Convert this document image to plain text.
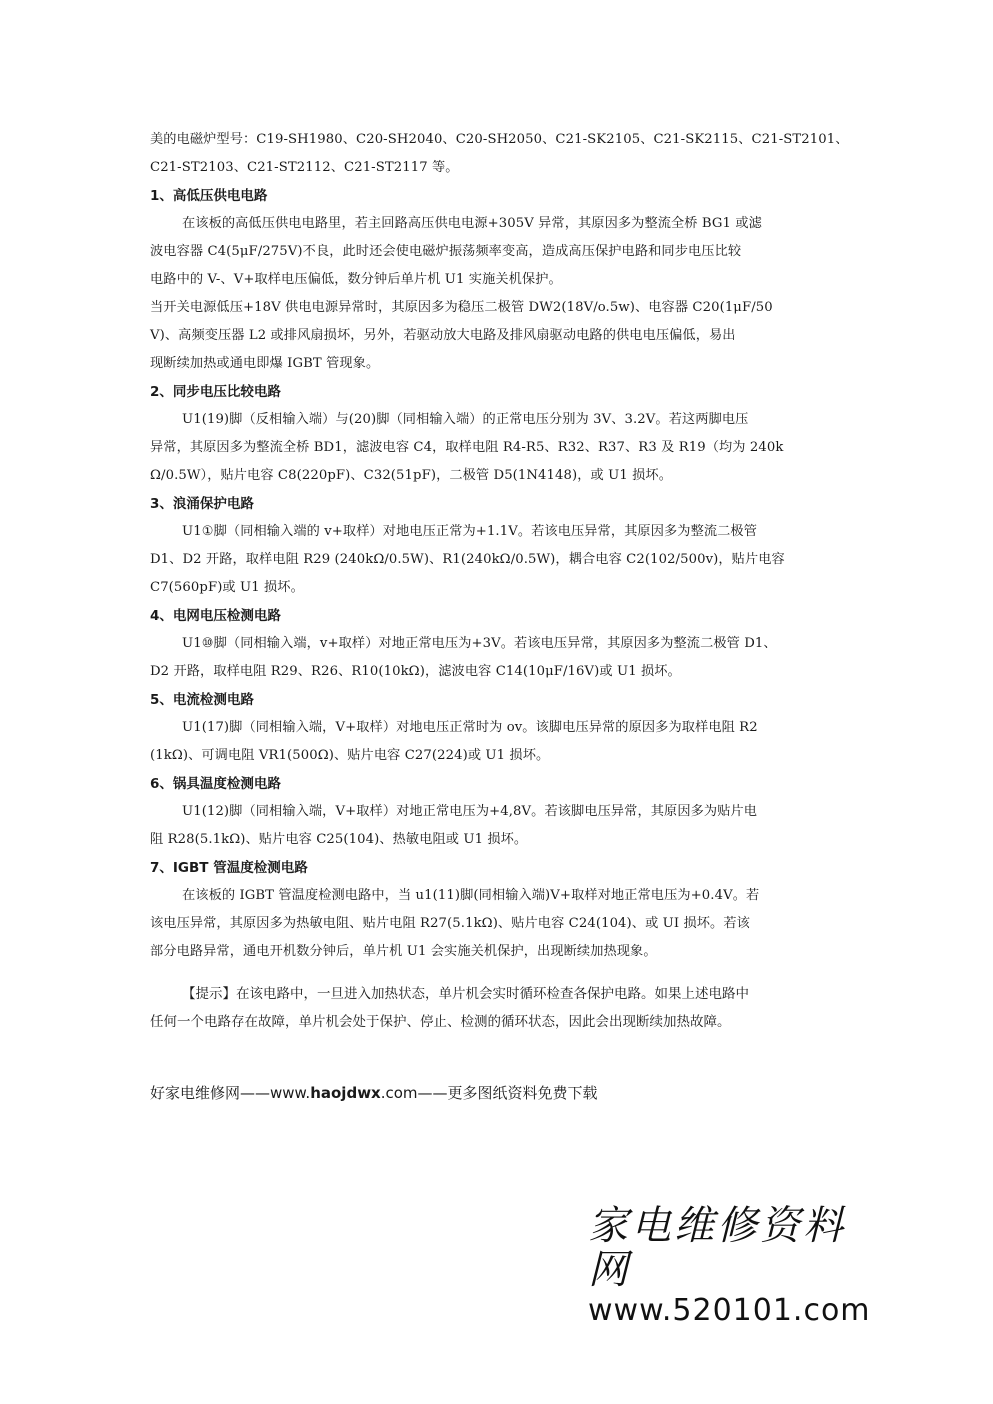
美的电磁炉型号：C19-SH1980、C20-SH2040、C20-SH2050、C21-SK2105、C21-SK2115、C21-ST2101、
C21-ST2103、C21-ST2112、C21-ST2117 等。
1、高低压供电电路
在该板的高低压供电电路里，若主回路高压供电电源+305V 异常，其原因多为整流全桥 BG1 或滤
波电容器 C4(5μF/275V)不良，此时还会使电磁炉振荡频率变高，造成高压保护电路和同步电压比较
电路中的 V-、V+取样电压偏低，数分钟后单片机 U1 实施关机保护。
当开关电源低压+18V 供电电源异常时，其原因多为稳压二极管 DW2(18V/o.5w)、电容器 C20(1μF/50
V)、高频变压器 L2 或排风扇损坏，另外，若驱动放大电路及排风扇驱动电路的供电电压偏低，易出
现断续加热或通电即爆 IGBT 管现象。
2、同步电压比较电路
U1(19)脚（反相输入端）与(20)脚（同相输入端）的正常电压分别为 3V、3.2V。若这两脚电压
异常，其原因多为整流全桥 BD1，滤波电容 C4，取样电阻 R4-R5、R32、R37、R3 及 R19（均为 240k
Ω/0.5W），贴片电容 C8(220pF)、C32(51pF)，二极管 D5(1N4148)，或 U1 损坏。
3、浪涌保护电路
U1①脚（同相输入端的 v+取样）对地电压正常为+1.1V。若该电压异常，其原因多为整流二极管
D1、D2 开路，取样电阻 R29 (240kΩ/0.5W)、R1(240kΩ/0.5W)，耦合电容 C2(102/500v)，贴片电容
C7(560pF)或 U1 损坏。
4、电网电压检测电路
U1⑩脚（同相输入端，v+取样）对地正常电压为+3V。若该电压异常，其原因多为整流二极管 D1、
D2 开路，取样电阻 R29、R26、R10(10kΩ)，滤波电容 C14(10μF/16V)或 U1 损坏。
5、电流检测电路
U1(17)脚（同相输入端，V+取样）对地电压正常时为 ov。该脚电压异常的原因多为取样电阻 R2
(1kΩ)、可调电阻 VR1(500Ω)、贴片电容 C27(224)或 U1 损坏。
6、锅具温度检测电路
U1(12)脚（同相输入端，V+取样）对地正常电压为+4,8V。若该脚电压异常，其原因多为贴片电
阻 R28(5.1kΩ)、贴片电容 C25(104)、热敏电阻或 U1 损坏。
7、IGBT 管温度检测电路
在该板的 IGBT 管温度检测电路中，当 u1(11)脚(同相输入端)V+取样对地正常电压为+0.4V。若
该电压异常，其原因多为热敏电阻、贴片电阻 R27(5.1kΩ)、贴片电容 C24(104)、或 UI 损坏。若该
部分电路异常，通电开机数分钟后，单片机 U1 会实施关机保护，出现断续加热现象。
【提示】在该电路中，一旦进入加热状态，单片机会实时循环检查各保护电路。如果上述电路中
任何一个电路存在故障，单片机会处于保护、停止、检测的循环状态，因此会出现断续加热故障。
好家电维修网——www.haojdwx.com——更多图纸资料免费下载
家电维修资料网
www.520101.com
